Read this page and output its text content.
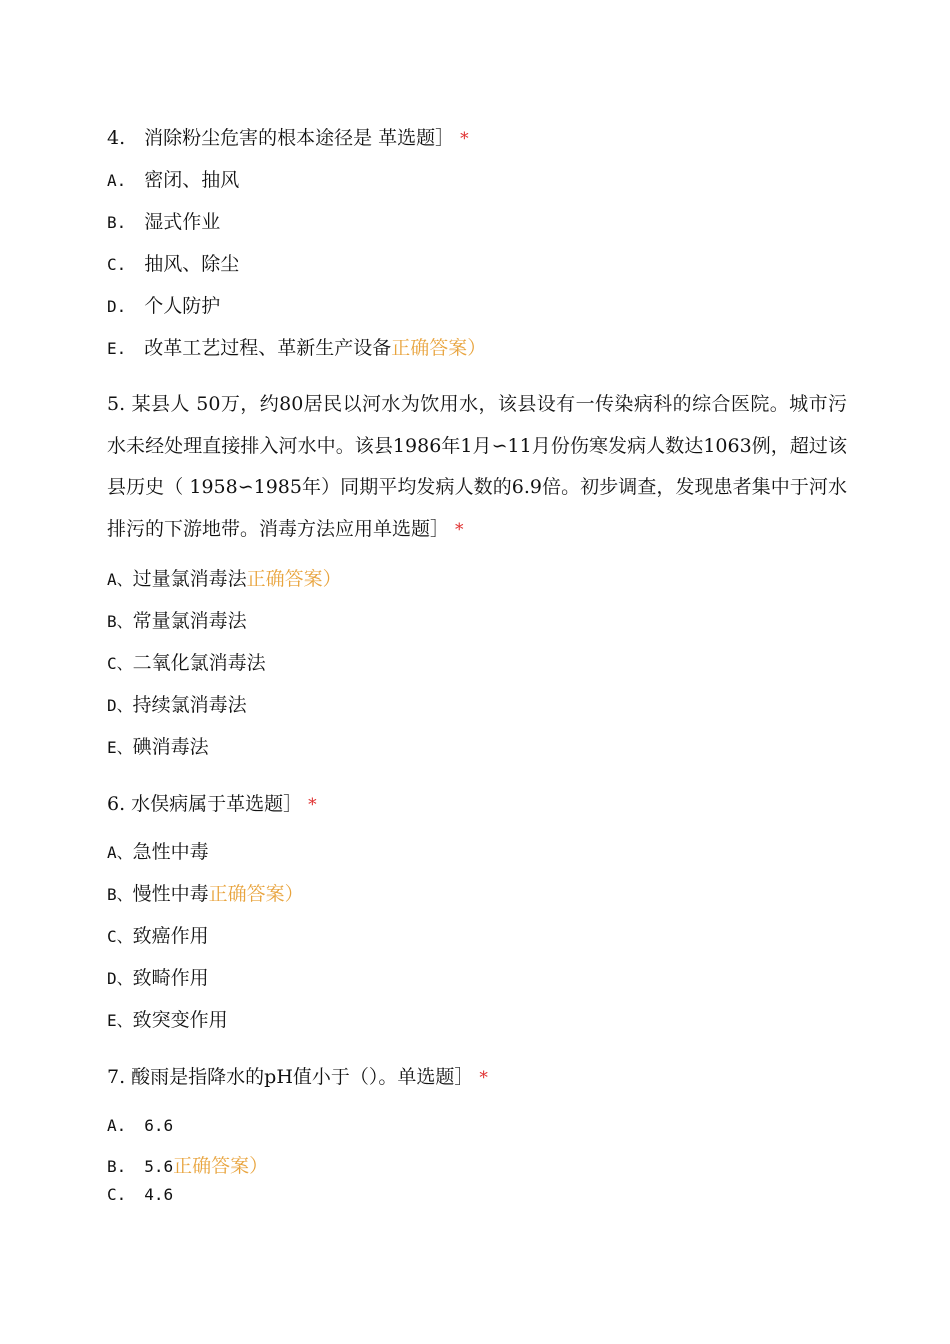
4.　消除粉尘危害的根本途径是 革选题］ *
A. 密闭、抽风
B. 湿式作业
C. 抽风、除尘
D. 个人防护
E. 改革工艺过程、革新生产设备正确答案）
5. 某县人 50万，约80居民以河水为饮用水，该县设有一传染病科的综合医院。城市污水未经处理直接排入河水中。该县1986年1月∽11月份伤寒发病人数达1063例，超过该县历史（ 1958∽1985年）同期平均发病人数的6.9倍。初步调查，发现患者集中于河水排污的下游地带。消毒方法应用单选题］ *
A、过量氯消毒法正确答案）
B、常量氯消毒法
C、二氧化氯消毒法
D、持续氯消毒法
E、碘消毒法
6. 水俣病属于革选题］ *
A、急性中毒
B、慢性中毒正确答案）
C、致癌作用
D、致畸作用
E、致突变作用
7. 酸雨是指降水的pH值小于（）。单选题］ *
A. 6.6
B. 5.6正确答案）
C. 4.6
